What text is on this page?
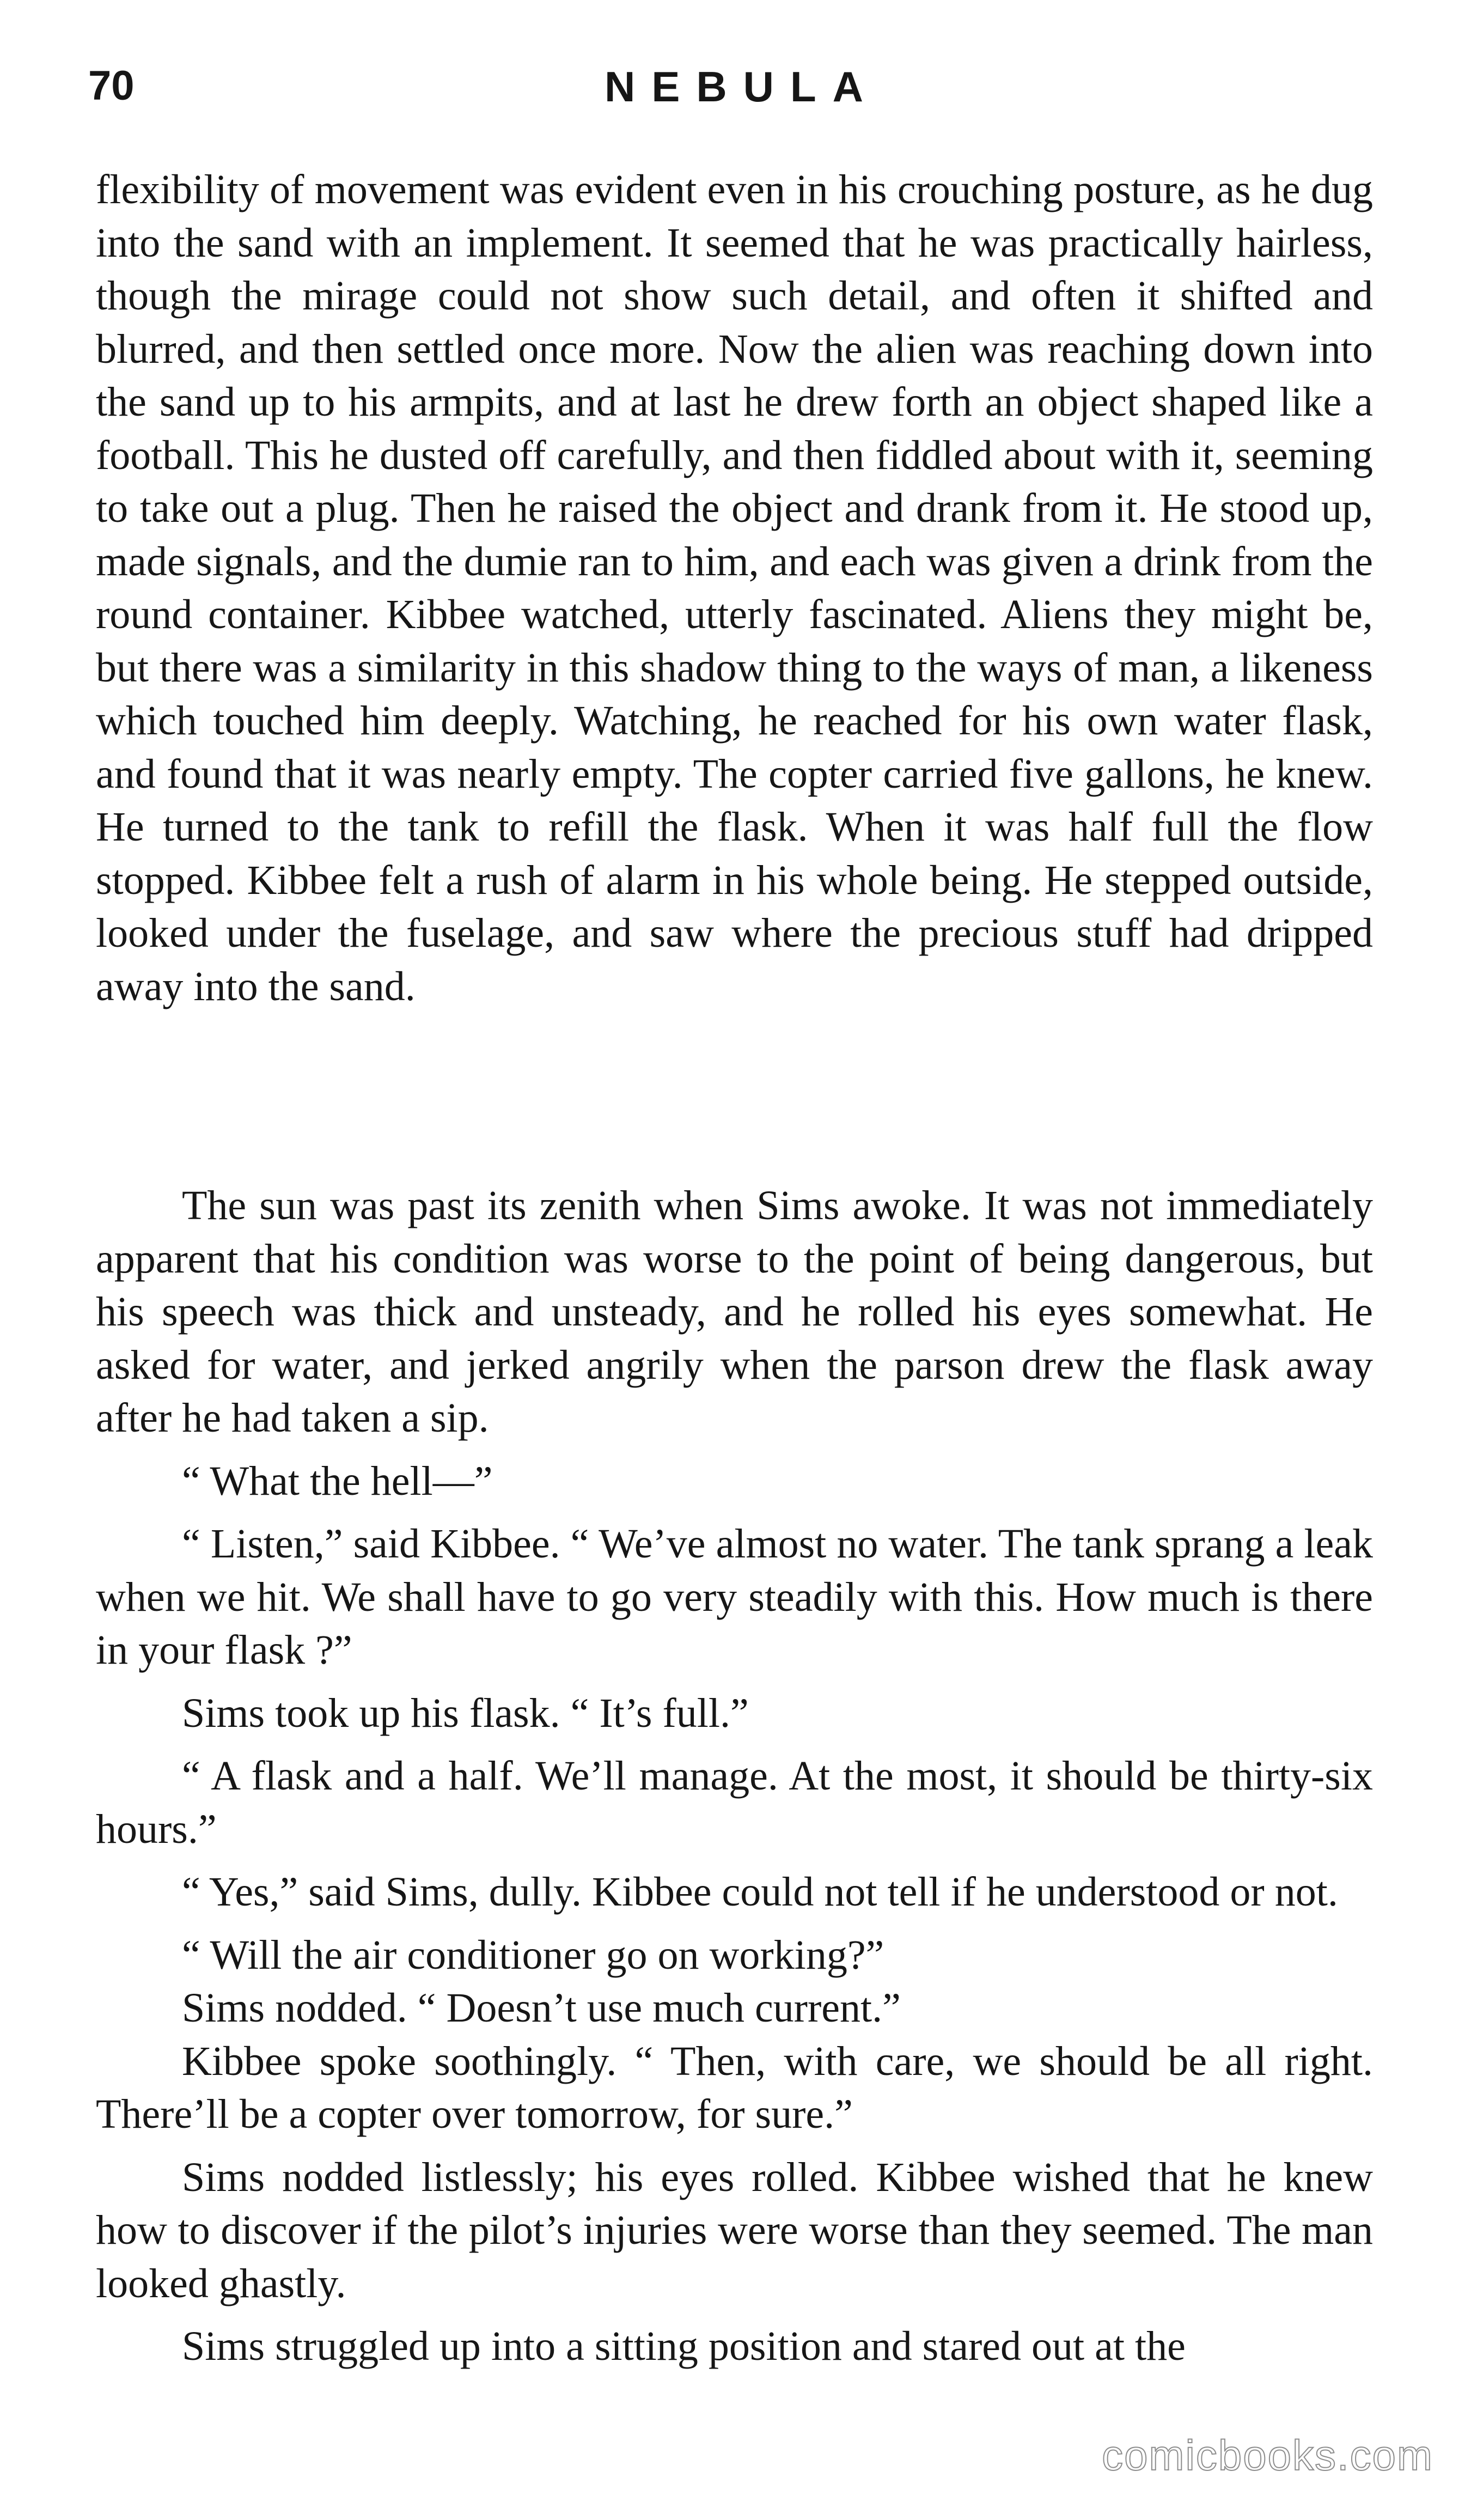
70	NEBULA

flexibility of movement was evident even in his crouching posture, as he dug into the sand with an implement. It seemed that he was practically hairless, though the mirage could not show such detail, and often it shifted and blurred, and then settled once more. Now the alien was reaching down into the sand up to his armpits, and at last he drew forth an object shaped like a football. This he dusted off carefully, and then fiddled about with it, seeming to take out a plug. Then he raised the object and drank from it. He stood up, made signals, and the dumie ran to him, and each was given a drink from the round container. Kibbee watched, utterly fascinated. Aliens they might be, but there was a similarity in this shadow thing to the ways of man, a likeness which touched him deeply. Watching, he reached for his own water flask, and found that it was nearly empty. The copter carried five gallons, he knew. He turned to the tank to refill the flask. When it was half full the flow stopped. Kibbee felt a rush of alarm in his whole being. He stepped outside, looked under the fuselage, and saw where the precious stuff had dripped away into the sand.

The sun was past its zenith when Sims awoke. It was not immediately apparent that his condition was worse to the point of being dangerous, but his speech was thick and unsteady, and he rolled his eyes somewhat. He asked for water, and jerked angrily when the parson drew the flask away after he had taken a sip.

“ What the hell—”

“ Listen,” said Kibbee. “ We’ve almost no water. The tank sprang a leak when we hit. We shall have to go very steadily with this. How much is there in your flask ?”

Sims took up his flask. “ It’s full.”

“ A flask and a half. We’ll manage. At the most, it should be thirty-six hours.”

“ Yes,” said Sims, dully. Kibbee could not tell if he understood or not.

“ Will the air conditioner go on working?”

Sims nodded. “ Doesn’t use much current.”

Kibbee spoke soothingly. “ Then, with care, we should be all right. There’ll be a copter over tomorrow, for sure.”

Sims nodded listlessly; his eyes rolled. Kibbee wished that he knew how to discover if the pilot’s injuries were worse than they seemed. The man looked ghastly.

Sims struggled up into a sitting position and stared out at the

comicbooks.com
